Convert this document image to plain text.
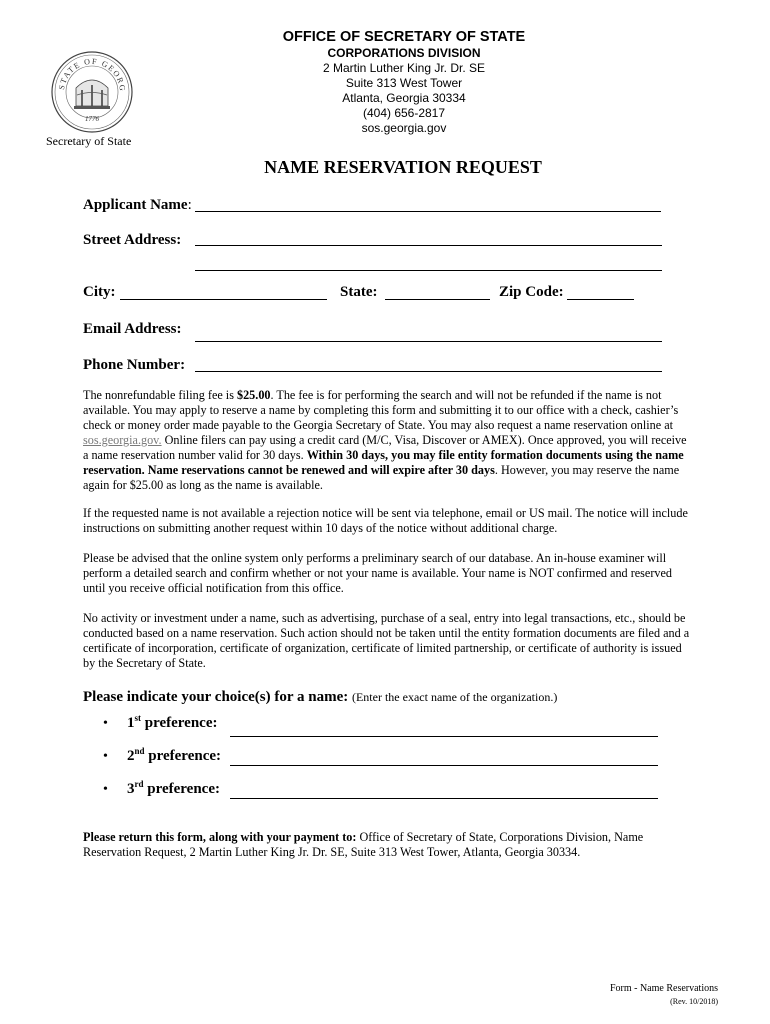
STATE OF GEORG
1776
Secretary of State
OFFICE OF SECRETARY OF STATE
CORPORATIONS DIVISION
2 Martin Luther King Jr. Dr. SE
Suite 313 West Tower
Atlanta, Georgia 30334
(404) 656-2817
sos.georgia.gov
NAME RESERVATION REQUEST
Applicant Name:
Street Address:
City:	State:	Zip Code:
Email Address:
Phone Number:
The nonrefundable filing fee is $25.00. The fee is for performing the search and will not be refunded if the name is not available. You may apply to reserve a name by completing this form and submitting it to our office with a check, cashier’s check or money order made payable to the Georgia Secretary of State. You may also request a name reservation online at sos.georgia.gov. Online filers can pay using a credit card (M/C, Visa, Discover or AMEX). Once approved, you will receive a name reservation number valid for 30 days. Within 30 days, you may file entity formation documents using the name reservation. Name reservations cannot be renewed and will expire after 30 days. However, you may reserve the name again for $25.00 as long as the name is available.
If the requested name is not available a rejection notice will be sent via telephone, email or US mail. The notice will include instructions on submitting another request within 10 days of the notice without additional charge.
Please be advised that the online system only performs a preliminary search of our database. An in-house examiner will perform a detailed search and confirm whether or not your name is available. Your name is NOT confirmed and reserved until you receive official notification from this office.
No activity or investment under a name, such as advertising, purchase of a seal, entry into legal transactions, etc., should be conducted based on a name reservation. Such action should not be taken until the entity formation documents are filed and a certificate of incorporation, certificate of organization, certificate of limited partnership, or certificate of authority is issued by the Secretary of State.
Please indicate your choice(s) for a name: (Enter the exact name of the organization.)
• 1st preference:
• 2nd preference:
• 3rd preference:
Please return this form, along with your payment to: Office of Secretary of State, Corporations Division, Name Reservation Request, 2 Martin Luther King Jr. Dr. SE, Suite 313 West Tower, Atlanta, Georgia 30334.
Form - Name Reservations
(Rev. 10/2018)
